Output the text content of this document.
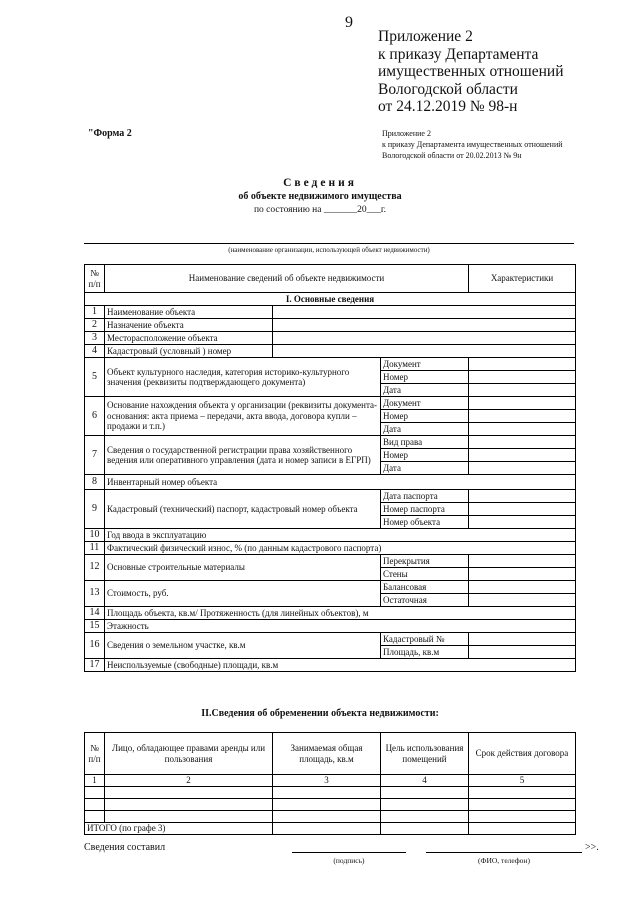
9
Приложение 2
к приказу Департамента
имущественных отношений
Вологодской области
от 24.12.2019 № 98-н
"Форма 2	Приложение 2
к приказу Департамента имущественных отношений
Вологодской области от 20.02.2013 № 9н
Сведения
об объекте недвижимого имущества
по состоянию на _______20___г.
(наименование организации, использующей объект недвижимости)
№ п/п	Наименование сведений об объекте недвижимости			Характеристики
I. Основные сведения				
1	Наименование объекта			
2	Назначение объекта			
3	Месторасположение объекта			
4	Кадастровый (условный ) номер			
5	Объект культурного наследия, категория историко-культурного значения (реквизиты подтверждающего документа)		Документ	
			Номер	
			Дата	
6	Основание нахождения объекта у организации (реквизиты документа-основания: акта приема – передачи, акта ввода, договора купли – продажи и т.п.)		Документ	
			Номер	
			Дата	
7	Сведения о государственной регистрации права хозяйственного ведения или оперативного управления (дата и номер записи в ЕГРП)		Вид права	
			Номер	
			Дата	
8	Инвентарный номер объекта			
9	Кадастровый (технический) паспорт, кадастровый номер объекта		Дата паспорта	
			Номер паспорта	
			Номер объекта	
10	Год ввода в эксплуатацию			
11	Фактический физический износ, % (по данным кадастрового паспорта)			
12	Основные строительные материалы		Перекрытия	
			Стены	
13	Стоимость, руб.		Балансовая	
			Остаточная	
14	Площадь объекта, кв.м/ Протяженность (для линейных объектов), м			
15	Этажность			
16	Сведения о земельном участке, кв.м		Кадастровый №	
			Площадь, кв.м	
17	Неиспользуемые (свободные) площади, кв.м			
II.Сведения об обременении объекта недвижимости:
№ п/п	Лицо, обладающее правами аренды или пользования	Занимаемая общая площадь, кв.м	Цель использования помещений	Срок действия договора
1	2	3	4	5

ИТОГО (по графе 3)				
Сведения составил	>>.
(подпись)	(ФИО, телефон)
